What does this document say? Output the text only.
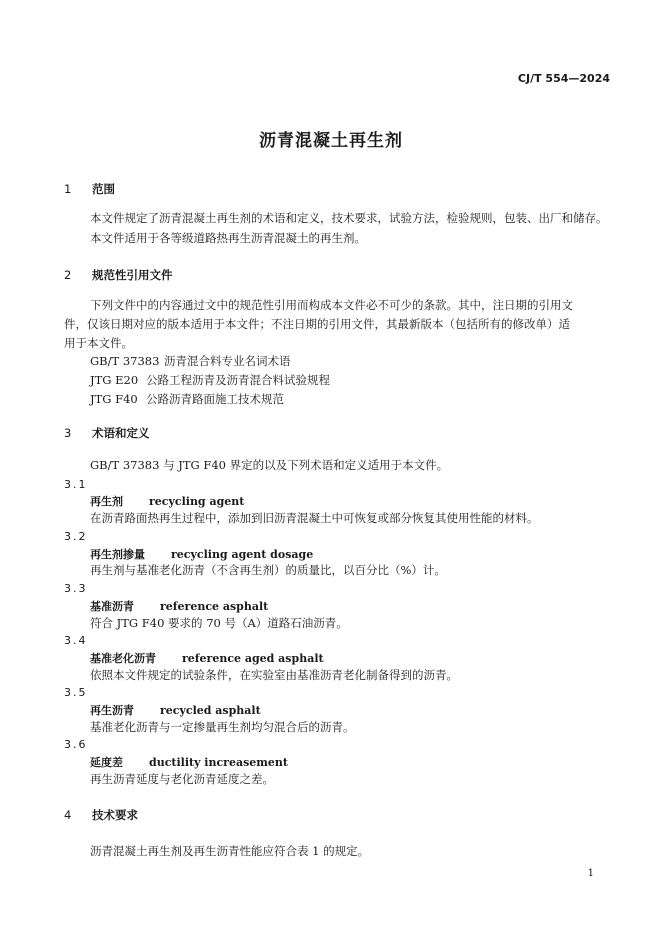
CJ/T 554—2024
沥青混凝土再生剂
1 范围
本文件规定了沥青混凝土再生剂的术语和定义，技术要求，试验方法，检验规则，包装、出厂和储存。
本文件适用于各等级道路热再生沥青混凝土的再生剂。
2 规范性引用文件
下列文件中的内容通过文中的规范性引用而构成本文件必不可少的条款。其中，注日期的引用文
件，仅该日期对应的版本适用于本文件；不注日期的引用文件，其最新版本（包括所有的修改单）适
用于本文件。
GB/T 37383 沥青混合料专业名词术语
JTG E20 公路工程沥青及沥青混合料试验规程
JTG F40 公路沥青路面施工技术规范
3 术语和定义
GB/T 37383 与 JTG F40 界定的以及下列术语和定义适用于本文件。
3.1
再生剂 recycling agent
在沥青路面热再生过程中，添加到旧沥青混凝土中可恢复或部分恢复其使用性能的材料。
3.2
再生剂掺量 recycling agent dosage
再生剂与基准老化沥青（不含再生剂）的质量比，以百分比（%）计。
3.3
基准沥青 reference asphalt
符合 JTG F40 要求的 70 号（A）道路石油沥青。
3.4
基准老化沥青 reference aged asphalt
依照本文件规定的试验条件，在实验室由基准沥青老化制备得到的沥青。
3.5
再生沥青 recycled asphalt
基准老化沥青与一定掺量再生剂均匀混合后的沥青。
3.6
延度差 ductility increasement
再生沥青延度与老化沥青延度之差。
4 技术要求
沥青混凝土再生剂及再生沥青性能应符合表 1 的规定。
1
